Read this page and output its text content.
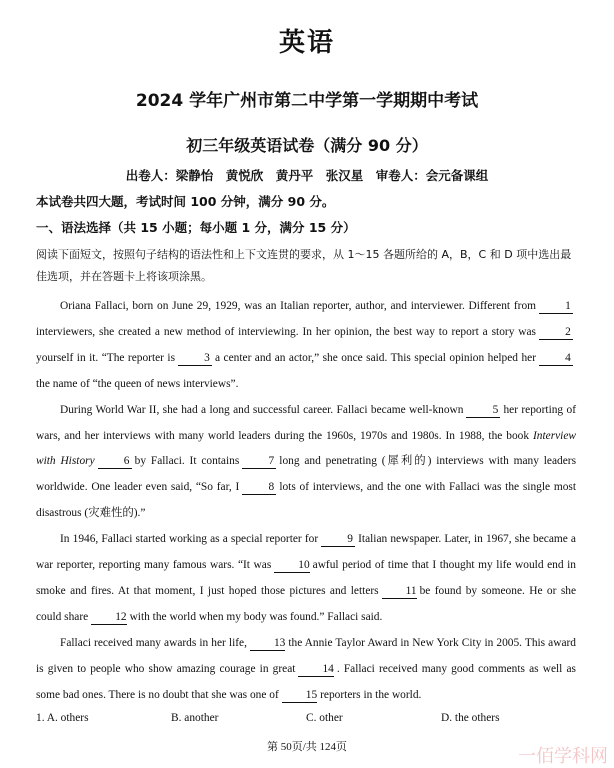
英语
2024 学年广州市第二中学第一学期期中考试
初三年级英语试卷（满分 90 分）
出卷人：梁静怡　黄悦欣　黄丹平　张汉星　审卷人：会元备课组
本试卷共四大题，考试时间 100 分钟，满分 90 分。
一、语法选择（共 15 小题；每小题 1 分，满分 15 分）
阅读下面短文，按照句子结构的语法性和上下文连贯的要求，从 1～15 各题所给的 A，B，C 和 D 项中选出最佳选项，并在答题卡上将该项涂黑。

Oriana Fallaci, born on June 29, 1929, was an Italian reporter, author, and interviewer. Different from	1interviewers, she created a new method of interviewing. In her opinion, the best way to report a story was	2yourself in it. “The reporter is	3 a center and an actor,” she once said. This special opinion helped her	4the name of “the queen of news interviews”.

During World War II, she had a long and successful career. Fallaci became well-known	5 her reporting of wars, and her interviews with many world leaders during the 1960s, 1970s and 1980s. In 1988, the book Interview with History	6 by Fallaci. It contains	7 long and penetrating (犀利的) interviews with many leaders worldwide. One leader even said, “So far, I	8 lots of interviews, and the one with Fallaci was the single most disastrous (灾难性的).”

In 1946, Fallaci started working as a special reporter for	9 Italian newspaper. Later, in 1967, she became a war reporter, reporting many famous wars. “It was 10 awful period of time that I thought my life would end in smoke and fires. At that moment, I just hoped those pictures and letters 11 be found by someone. He or she could share 12 with the world when my body was found.” Fallaci said.

Fallaci received many awards in her life, 13 the Annie Taylor Award in New York City in 2005. This award is given to people who show amazing courage in great 14 . Fallaci received many good comments as well as some bad ones. There is no doubt that she was one of 15 reporters in the world.

1. A. others	B. another	C. other	D. the others
第 50页/共 124页	一佰学科网
